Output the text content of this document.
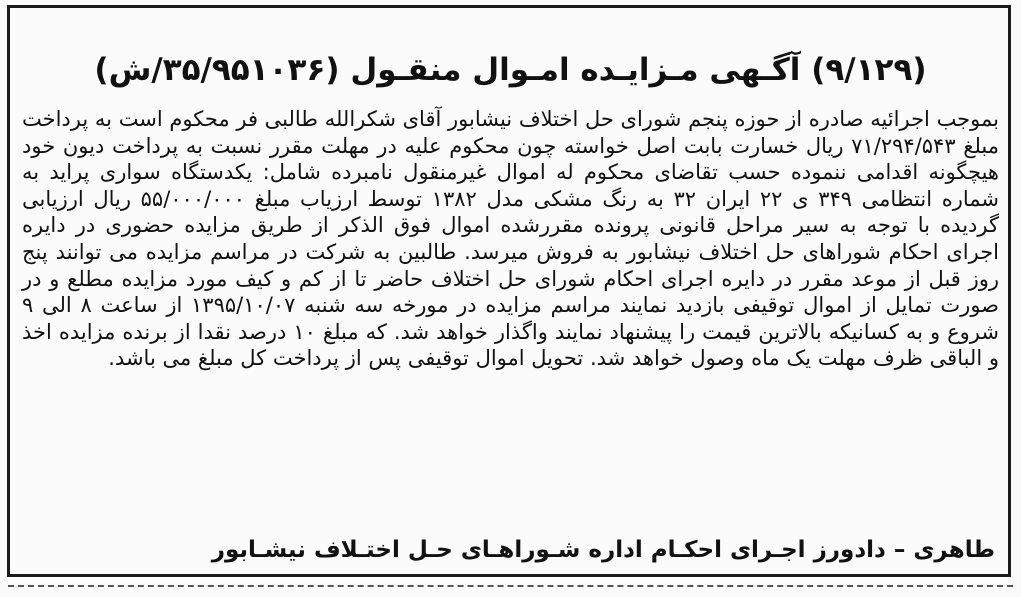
(۹/۱۲۹) آگـهی مـزایـده امـوال منقـول (۳۵/۹۵۱۰۳۶/ش)

بموجب اجرائیه صادره از حوزه پنجم شورای حل اختلاف نیشابور آقای شکرالله طالبی فر محکوم است به پرداخت مبلغ ۷۱/۲۹۴/۵۴۳ ریال خسارت بابت اصل خواسته چون محکوم علیه در مهلت مقرر نسبت به پرداخت دیون خود هیچگونه اقدامی ننموده حسب تقاضای محکوم له اموال غیرمنقول نامبرده شامل: یکدستگاه سواری پراید به شماره انتظامی ۳۴۹ ی ۲۲ ایران ۳۲ به رنگ مشکی مدل ۱۳۸۲ توسط ارزیاب مبلغ ۵۵/۰۰۰/۰۰۰ ریال ارزیابی گردیده با توجه به سیر مراحل قانونی پرونده مقررشده اموال فوق الذکر از طریق مزایده حضوری در دایره اجرای احکام شوراهای حل اختلاف نیشابور به فروش میرسد. طالبین به شرکت در مراسم مزایده می توانند پنج روز قبل از موعد مقرر در دایره اجرای احکام شورای حل اختلاف حاضر تا از کم و کیف مورد مزایده مطلع و در صورت تمایل از اموال توقیفی بازدید نمایند مراسم مزایده در مورخه سه شنبه ۱۳۹۵/۱۰/۰۷ از ساعت ۸ الی ۹ شروع و به کسانیکه بالاترین قیمت را پیشنهاد نمایند واگذار خواهد شد. که مبلغ ۱۰ درصد نقدا از برنده مزایده اخذ و الباقی ظرف مهلت یک ماه وصول خواهد شد. تحویل اموال توقیفی پس از پرداخت کل مبلغ می باشد.

طاهری – دادورز اجـرای احکـام اداره شـوراهـای حـل اختـلاف نیشـابور
